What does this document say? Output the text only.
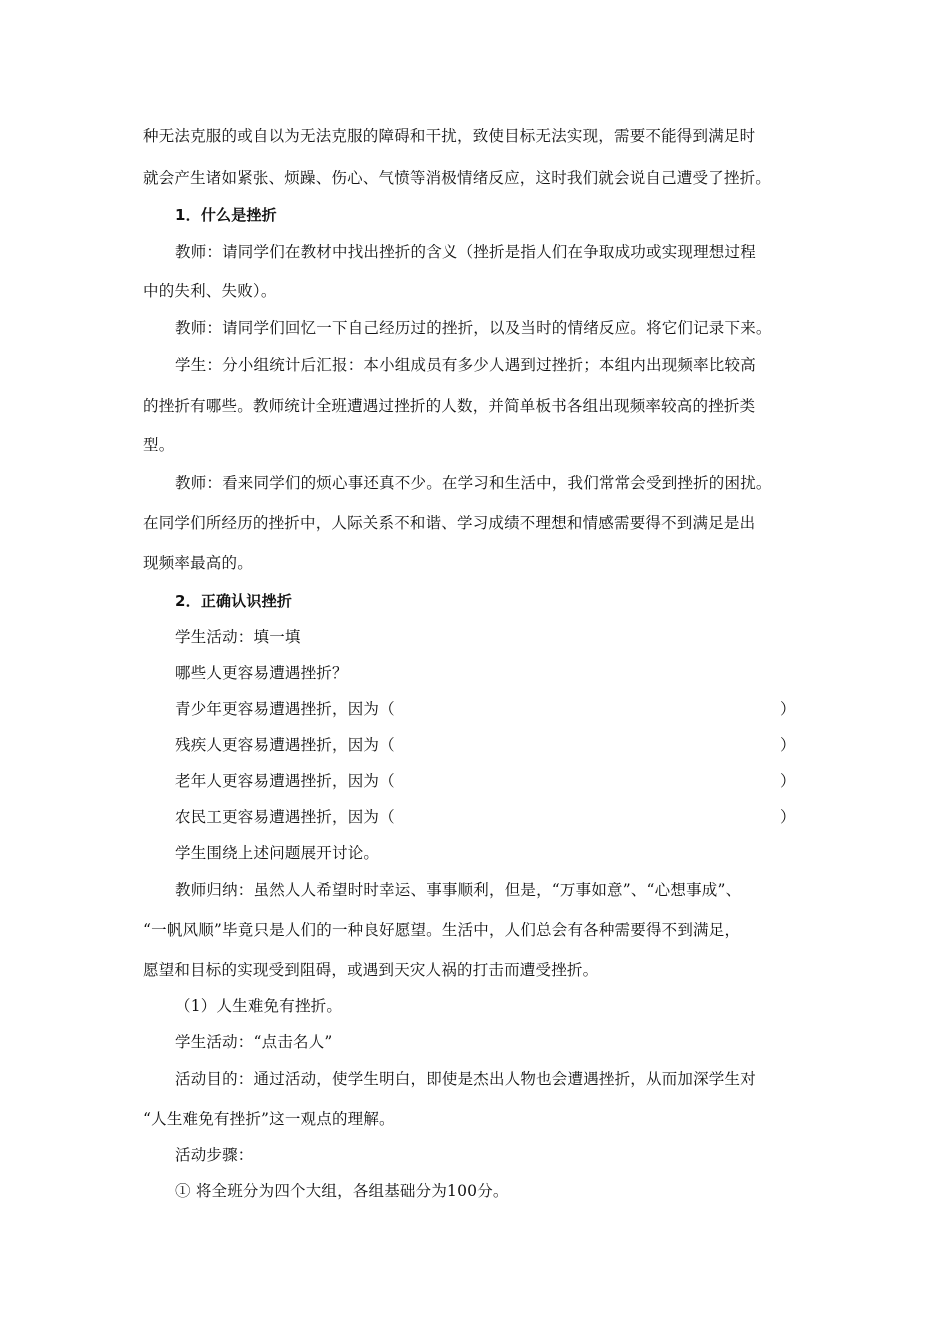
种无法克服的或自以为无法克服的障碍和干扰，致使目标无法实现，需要不能得到满足时
就会产生诸如紧张、烦躁、伤心、气愤等消极情绪反应，这时我们就会说自己遭受了挫折。
1．什么是挫折
教师：请同学们在教材中找出挫折的含义（挫折是指人们在争取成功或实现理想过程
中的失利、失败）。
教师：请同学们回忆一下自己经历过的挫折，以及当时的情绪反应。将它们记录下来。
学生：分小组统计后汇报：本小组成员有多少人遇到过挫折；本组内出现频率比较高
的挫折有哪些。教师统计全班遭遇过挫折的人数，并简单板书各组出现频率较高的挫折类
型。
教师：看来同学们的烦心事还真不少。在学习和生活中，我们常常会受到挫折的困扰。
在同学们所经历的挫折中，人际关系不和谐、学习成绩不理想和情感需要得不到满足是出
现频率最高的。
2．正确认识挫折
学生活动：填一填
哪些人更容易遭遇挫折？
青少年更容易遭遇挫折，因为（	）
残疾人更容易遭遇挫折，因为（	）
老年人更容易遭遇挫折，因为（	）
农民工更容易遭遇挫折，因为（	）
学生围绕上述问题展开讨论。
教师归纳：虽然人人希望时时幸运、事事顺利，但是，“万事如意”、“心想事成”、
“一帆风顺”毕竟只是人们的一种良好愿望。生活中，人们总会有各种需要得不到满足，
愿望和目标的实现受到阻碍，或遇到天灾人祸的打击而遭受挫折。
（1）人生难免有挫折。
学生活动：“点击名人”
活动目的：通过活动，使学生明白，即使是杰出人物也会遭遇挫折，从而加深学生对
“人生难免有挫折”这一观点的理解。
活动步骤：
① 将全班分为四个大组，各组基础分为100分。
